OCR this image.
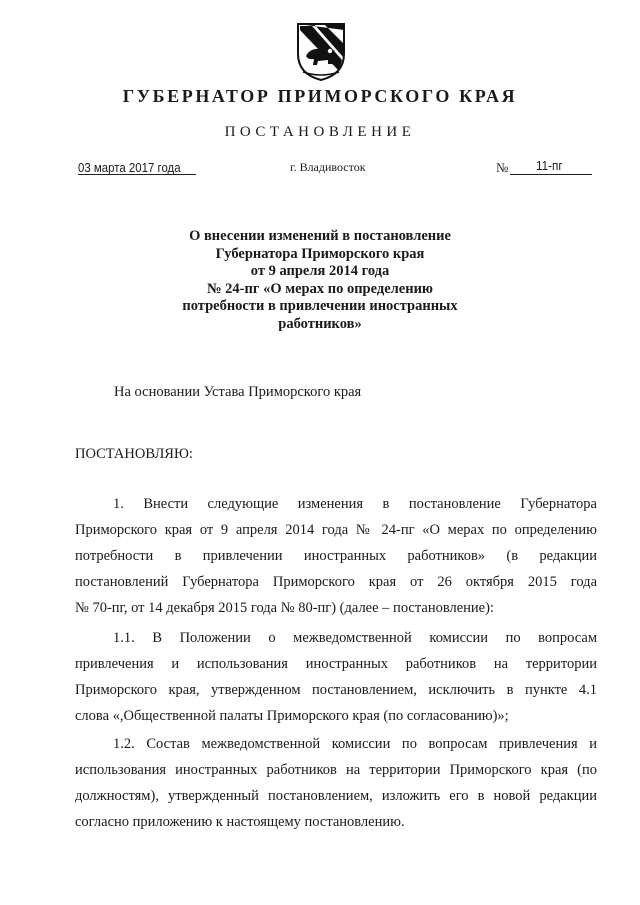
ГУБЕРНАТОР ПРИМОРСКОГО КРАЯ
ПОСТАНОВЛЕНИЕ
03 марта 2017 года	г. Владивосток	№ 11-пг
О внесении изменений в постановление
Губернатора Приморского края
от 9 апреля 2014 года
№ 24-пг «О мерах по определению
потребности в привлечении иностранных
работников»
На основании Устава Приморского края
ПОСТАНОВЛЯЮ:
1. Внести следующие изменения в постановление Губернатора
Приморского края от 9 апреля 2014 года № 24-пг «О мерах по определению
потребности в привлечении иностранных работников» (в редакции
постановлений Губернатора Приморского края от 26 октября 2015 года
№ 70-пг, от 14 декабря 2015 года № 80-пг) (далее – постановление):
1.1. В Положении о межведомственной комиссии по вопросам
привлечения и использования иностранных работников на территории
Приморского края, утвержденном постановлением, исключить в пункте 4.1
слова «,Общественной палаты Приморского края (по согласованию)»;
1.2. Состав межведомственной комиссии по вопросам привлечения и
использования иностранных работников на территории Приморского края (по
должностям), утвержденный постановлением, изложить его в новой редакции
согласно приложению к настоящему постановлению.
